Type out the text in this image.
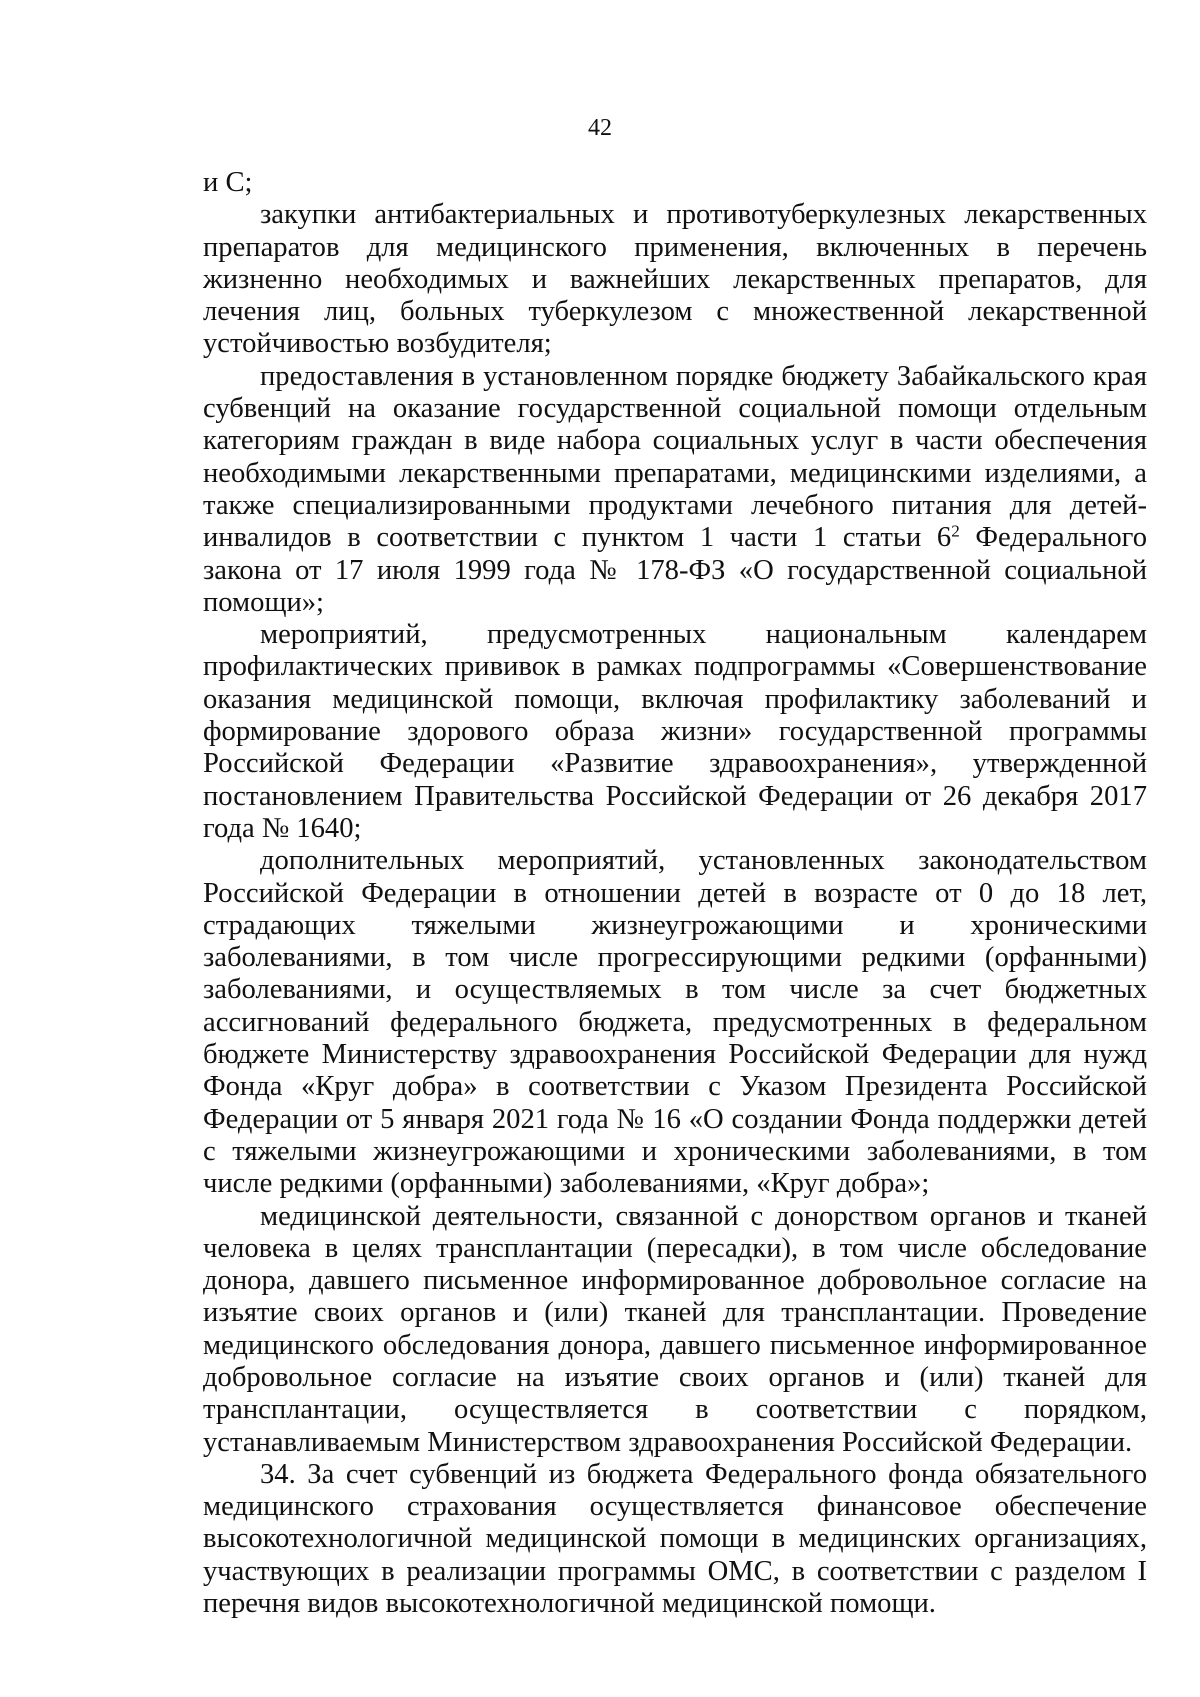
42

и С;

закупки антибактериальных и противотуберкулезных лекарственных препаратов для медицинского применения, включенных в перечень жизненно необходимых и важнейших лекарственных препаратов, для лечения лиц, больных туберкулезом с множественной лекарственной устойчивостью возбудителя;

предоставления в установленном порядке бюджету Забайкальского края субвенций на оказание государственной социальной помощи отдельным категориям граждан в виде набора социальных услуг в части обеспечения необходимыми лекарственными препаратами, медицинскими изделиями, а также специализированными продуктами лечебного питания для детей-инвалидов в соответствии с пунктом 1 части 1 статьи $6^2$ Федерального закона от 17 июля 1999 года № 178-ФЗ «О государственной социальной помощи»;

мероприятий, предусмотренных национальным календарем профилактических прививок в рамках подпрограммы «Совершенствование оказания медицинской помощи, включая профилактику заболеваний и формирование здорового образа жизни» государственной программы Российской Федерации «Развитие здравоохранения», утвержденной постановлением Правительства Российской Федерации от 26 декабря 2017 года № 1640;

дополнительных мероприятий, установленных законодательством Российской Федерации в отношении детей в возрасте от 0 до 18 лет, страдающих тяжелыми жизнеугрожающими и хроническими заболеваниями, в том числе прогрессирующими редкими (орфанными) заболеваниями, и осуществляемых в том числе за счет бюджетных ассигнований федерального бюджета, предусмотренных в федеральном бюджете Министерству здравоохранения Российской Федерации для нужд Фонда «Круг добра» в соответствии с Указом Президента Российской Федерации от 5 января 2021 года № 16 «О создании Фонда поддержки детей с тяжелыми жизнеугрожающими и хроническими заболеваниями, в том числе редкими (орфанными) заболеваниями, «Круг добра»;

медицинской деятельности, связанной с донорством органов и тканей человека в целях трансплантации (пересадки), в том числе обследование донора, давшего письменное информированное добровольное согласие на изъятие своих органов и (или) тканей для трансплантации. Проведение медицинского обследования донора, давшего письменное информированное добровольное согласие на изъятие своих органов и (или) тканей для трансплантации, осуществляется в соответствии с порядком, устанавливаемым Министерством здравоохранения Российской Федерации.

34. За счет субвенций из бюджета Федерального фонда обязательного медицинского страхования осуществляется финансовое обеспечение высокотехнологичной медицинской помощи в медицинских организациях, участвующих в реализации программы ОМС, в соответствии с разделом I перечня видов высокотехнологичной медицинской помощи.
